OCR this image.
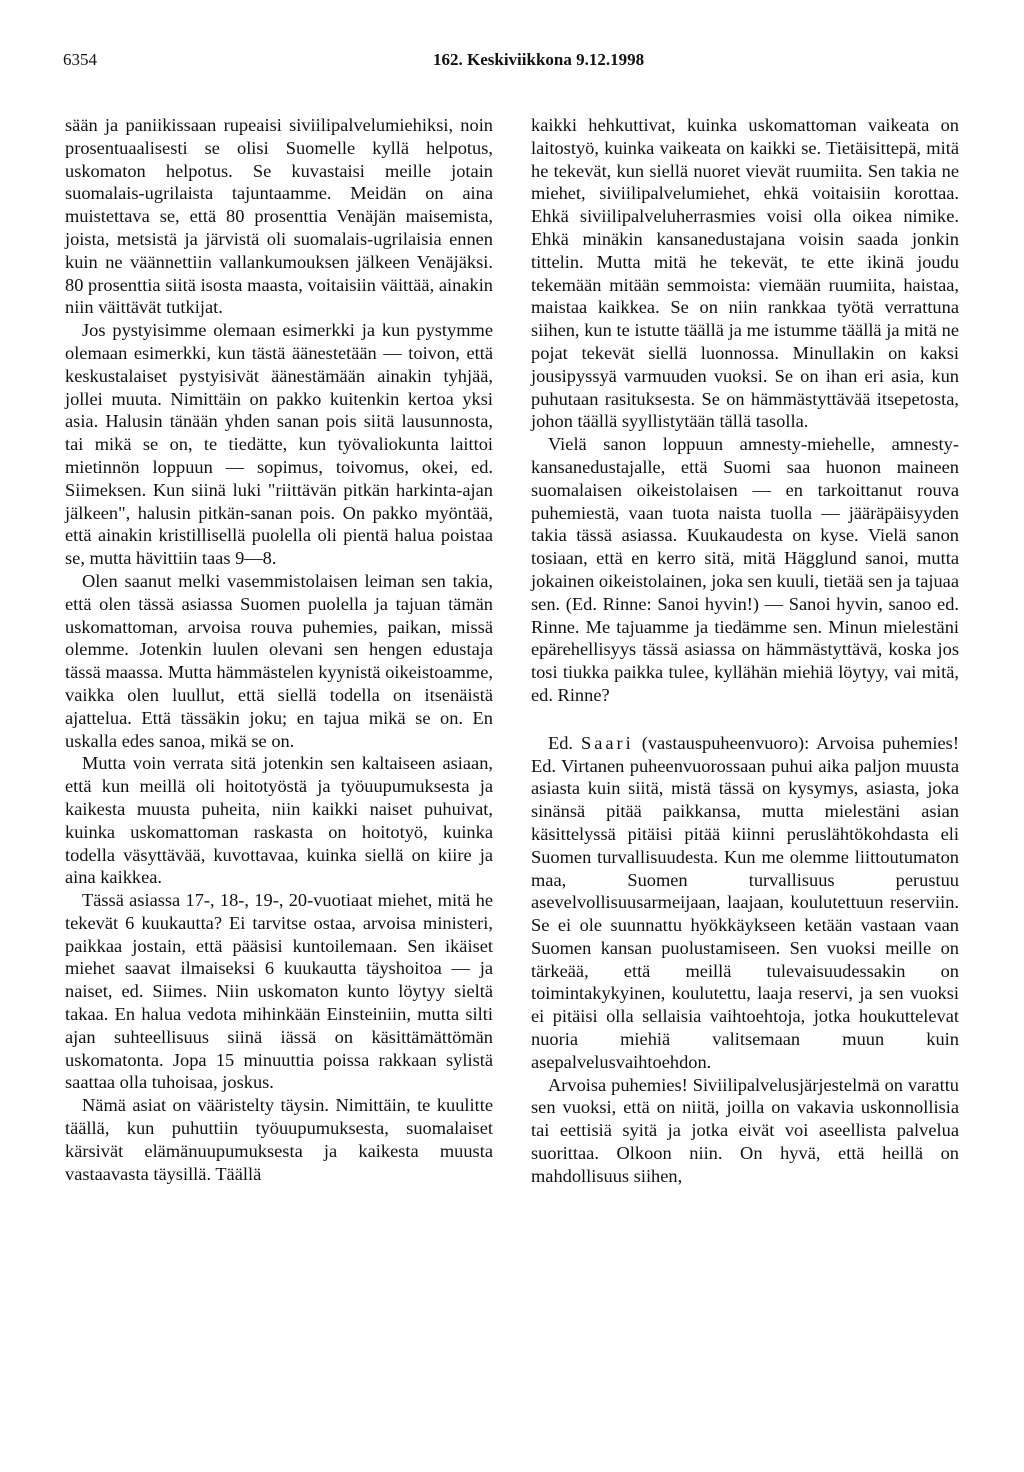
6354	162. Keskiviikkona 9.12.1998

sään ja paniikissaan rupeaisi siviilipalvelumiehiksi, noin prosentuaalisesti se olisi Suomelle kyllä helpotus, uskomaton helpotus. Se kuvastaisi meille jotain suomalais-ugrilaista tajuntaamme. Meidän on aina muistettava se, että 80 prosenttia Venäjän maisemista, joista, metsistä ja järvistä oli suomalais-ugrilaisia ennen kuin ne väännettiin vallankumouksen jälkeen Venäjäksi. 80 prosenttia siitä isosta maasta, voitaisiin väittää, ainakin niin väittävät tutkijat.

Jos pystyisimme olemaan esimerkki ja kun pystymme olemaan esimerkki, kun tästä äänestetään — toivon, että keskustalaiset pystyisivät äänestämään ainakin tyhjää, jollei muuta. Nimittäin on pakko kuitenkin kertoa yksi asia. Halusin tänään yhden sanan pois siitä lausunnosta, tai mikä se on, te tiedätte, kun työvaliokunta laittoi mietinnön loppuun — sopimus, toivomus, okei, ed. Siimeksen. Kun siinä luki "riittävän pitkän harkinta-ajan jälkeen", halusin pitkän-sanan pois. On pakko myöntää, että ainakin kristillisellä puolella oli pientä halua poistaa se, mutta hävittiin taas 9—8.

Olen saanut melki vasemmistolaisen leiman sen takia, että olen tässä asiassa Suomen puolella ja tajuan tämän uskomattoman, arvoisa rouva puhemies, paikan, missä olemme. Jotenkin luulen olevani sen hengen edustaja tässä maassa. Mutta hämmästelen kyynistä oikeistoamme, vaikka olen luullut, että siellä todella on itsenäistä ajattelua. Että tässäkin joku; en tajua mikä se on. En uskalla edes sanoa, mikä se on.

Mutta voin verrata sitä jotenkin sen kaltaiseen asiaan, että kun meillä oli hoitotyöstä ja työuupumuksesta ja kaikesta muusta puheita, niin kaikki naiset puhuivat, kuinka uskomattoman raskasta on hoitotyö, kuinka todella väsyttävää, kuvottavaa, kuinka siellä on kiire ja aina kaikkea.

Tässä asiassa 17-, 18-, 19-, 20-vuotiaat miehet, mitä he tekevät 6 kuukautta? Ei tarvitse ostaa, arvoisa ministeri, paikkaa jostain, että pääsisi kuntoilemaan. Sen ikäiset miehet saavat ilmaiseksi 6 kuukautta täyshoitoa — ja naiset, ed. Siimes. Niin uskomaton kunto löytyy sieltä takaa. En halua vedota mihinkään Einsteiniin, mutta silti ajan suhteellisuus siinä iässä on käsittämättömän uskomatonta. Jopa 15 minuuttia poissa rakkaan sylistä saattaa olla tuhoisaa, joskus.

Nämä asiat on vääristelty täysin. Nimittäin, te kuulitte täällä, kun puhuttiin työuupumuksesta, suomalaiset kärsivät elämänuupumuksesta ja kaikesta muusta vastaavasta täysillä. Täällä

kaikki hehkuttivat, kuinka uskomattoman vaikeata on laitostyö, kuinka vaikeata on kaikki se. Tietäisittepä, mitä he tekevät, kun siellä nuoret vievät ruumiita. Sen takia ne miehet, siviilipalvelumiehet, ehkä voitaisiin korottaa. Ehkä siviilipalveluherrasmies voisi olla oikea nimike. Ehkä minäkin kansanedustajana voisin saada jonkin tittelin. Mutta mitä he tekevät, te ette ikinä joudu tekemään mitään semmoista: viemään ruumiita, haistaa, maistaa kaikkea. Se on niin rankkaa työtä verrattuna siihen, kun te istutte täällä ja me istumme täällä ja mitä ne pojat tekevät siellä luonnossa. Minullakin on kaksi jousipyssyä varmuuden vuoksi. Se on ihan eri asia, kun puhutaan rasituksesta. Se on hämmästyttävää itsepetosta, johon täällä syyllistytään tällä tasolla.

Vielä sanon loppuun amnesty-miehelle, amnesty-kansanedustajalle, että Suomi saa huonon maineen suomalaisen oikeistolaisen — en tarkoittanut rouva puhemiestä, vaan tuota naista tuolla — jääräpäisyyden takia tässä asiassa. Kuukaudesta on kyse. Vielä sanon tosiaan, että en kerro sitä, mitä Hägglund sanoi, mutta jokainen oikeistolainen, joka sen kuuli, tietää sen ja tajuaa sen. (Ed. Rinne: Sanoi hyvin!) — Sanoi hyvin, sanoo ed. Rinne. Me tajuamme ja tiedämme sen. Minun mielestäni epärehellisyys tässä asiassa on hämmästyttävä, koska jos tosi tiukka paikka tulee, kyllähän miehiä löytyy, vai mitä, ed. Rinne?

Ed. Saari (vastauspuheenvuoro): Arvoisa puhemies! Ed. Virtanen puheenvuorossaan puhui aika paljon muusta asiasta kuin siitä, mistä tässä on kysymys, asiasta, joka sinänsä pitää paikkansa, mutta mielestäni asian käsittelyssä pitäisi pitää kiinni peruslähtökohdasta eli Suomen turvallisuudesta. Kun me olemme liittoutumaton maa, Suomen turvallisuus perustuu asevelvollisuusarmeijaan, laajaan, koulutettuun reserviin. Se ei ole suunnattu hyökkäykseen ketään vastaan vaan Suomen kansan puolustamiseen. Sen vuoksi meille on tärkeää, että meillä tulevaisuudessakin on toimintakykyinen, koulutettu, laaja reservi, ja sen vuoksi ei pitäisi olla sellaisia vaihtoehtoja, jotka houkuttelevat nuoria miehiä valitsemaan muun kuin asepalvelusvaihtoehdon.

Arvoisa puhemies! Siviilipalvelusjärjestelmä on varattu sen vuoksi, että on niitä, joilla on vakavia uskonnollisia tai eettisiä syitä ja jotka eivät voi aseellista palvelua suorittaa. Olkoon niin. On hyvä, että heillä on mahdollisuus siihen,
